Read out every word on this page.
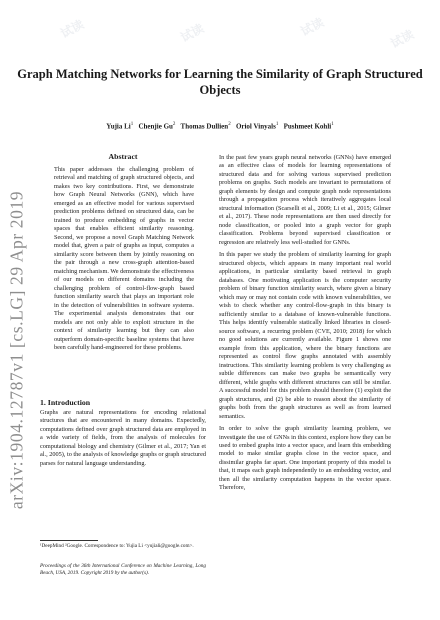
试读	试读	试读
试读
Graph Matching Networks for Learning the Similarity of Graph Structured Objects
Yujia Li$^1$ Chenjie Gu$^2$ Thomas Dullien$^2$ Oriol Vinyals$^1$ Pushmeet Kohli$^1$
arXiv:1904.12787v1 [cs.LG] 29 Apr 2019
Abstract
This paper addresses the challenging problem of retrieval and matching of graph structured objects, and makes two key contributions. First, we demonstrate how Graph Neural Networks (GNN), which have emerged as an effective model for various supervised prediction problems defined on structured data, can be trained to produce embedding of graphs in vector spaces that enables efficient similarity reasoning. Second, we propose a novel Graph Matching Network model that, given a pair of graphs as input, computes a similarity score between them by jointly reasoning on the pair through a new cross-graph attention-based matching mechanism. We demonstrate the effectiveness of our models on different domains including the challenging problem of control-flow-graph based function similarity search that plays an important role in the detection of vulnerabilities in software systems. The experimental analysis demonstrates that our models are not only able to exploit structure in the context of similarity learning but they can also outperform domain-specific baseline systems that have been carefully hand-engineered for these problems.
1. Introduction
Graphs are natural representations for encoding relational structures that are encountered in many domains. Expectedly, computations defined over graph structured data are employed in a wide variety of fields, from the analysis of molecules for computational biology and chemistry (Gilmer et al., 2017; Yan et al., 2005), to the analysis of knowledge graphs or graph structured parses for natural language understanding.
¹DeepMind ²Google. Correspondence to: Yujia Li <yujiali@google.com>.
Proceedings of the 36th International Conference on Machine Learning, Long Beach, USA, 2019. Copyright 2019 by the author(s).

In the past few years graph neural networks (GNNs) have emerged as an effective class of models for learning representations of structured data and for solving various supervised prediction problems on graphs. Such models are invariant to permutations of graph elements by design and compute graph node representations through a propagation process which iteratively aggregates local structural information (Scarselli et al., 2009; Li et al., 2015; Gilmer et al., 2017). These node representations are then used directly for node classification, or pooled into a graph vector for graph classification. Problems beyond supervised classification or regression are relatively less well-studied for GNNs.

In this paper we study the problem of similarity learning for graph structured objects, which appears in many important real world applications, in particular similarity based retrieval in graph databases. One motivating application is the computer security problem of binary function similarity search, where given a binary which may or may not contain code with known vulnerabilities, we wish to check whether any control-flow-graph in this binary is sufficiently similar to a database of known-vulnerable functions. This helps identify vulnerable statically linked libraries in closed-source software, a recurring problem (CVE, 2010; 2018) for which no good solutions are currently available. Figure 1 shows one example from this application, where the binary functions are represented as control flow graphs annotated with assembly instructions. This similarity learning problem is very challenging as subtle differences can make two graphs be semantically very different, while graphs with different structures can still be similar. A successful model for this problem should therefore (1) exploit the graph structures, and (2) be able to reason about the similarity of graphs both from the graph structures as well as from learned semantics.

In order to solve the graph similarity learning problem, we investigate the use of GNNs in this context, explore how they can be used to embed graphs into a vector space, and learn this embedding model to make similar graphs close in the vector space, and dissimilar graphs far apart. One important property of this model is that, it maps each graph independently to an embedding vector, and then all the similarity computation happens in the vector space. Therefore,
